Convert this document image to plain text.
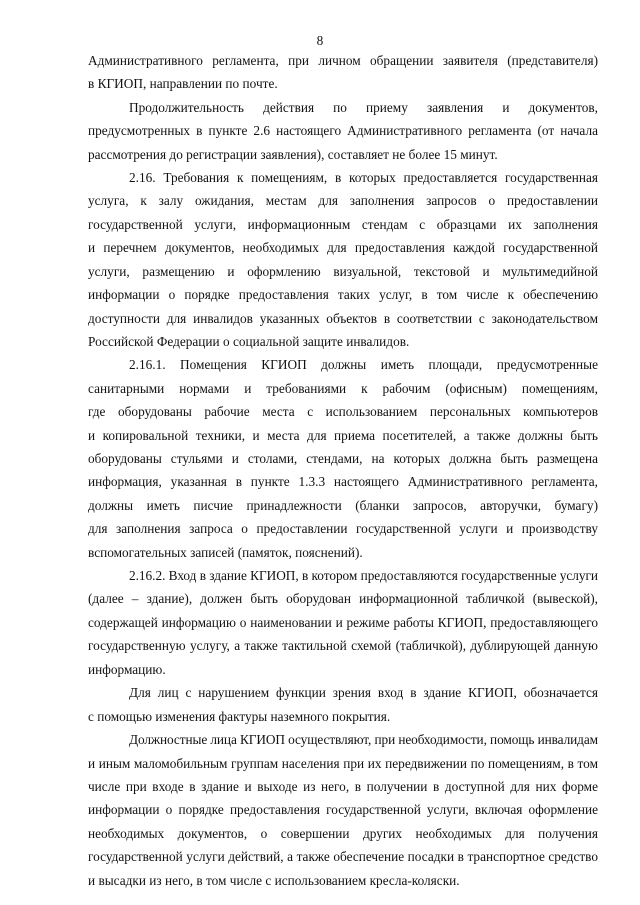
8
Административного регламента, при личном обращении заявителя (представителя)
в КГИОП, направлении по почте.
Продолжительность действия по приему заявления и документов,
предусмотренных в пункте 2.6 настоящего Административного регламента (от начала
рассмотрения до регистрации заявления), составляет не более 15 минут.
2.16. Требования к помещениям, в которых предоставляется государственная
услуга, к залу ожидания, местам для заполнения запросов о предоставлении
государственной услуги, информационным стендам с образцами их заполнения
и перечнем документов, необходимых для предоставления каждой государственной
услуги, размещению и оформлению визуальной, текстовой и мультимедийной
информации о порядке предоставления таких услуг, в том числе к обеспечению
доступности для инвалидов указанных объектов в соответствии с законодательством
Российской Федерации о социальной защите инвалидов.
2.16.1. Помещения КГИОП должны иметь площади, предусмотренные
санитарными нормами и требованиями к рабочим (офисным) помещениям,
где оборудованы рабочие места с использованием персональных компьютеров
и копировальной техники, и места для приема посетителей, а также должны быть
оборудованы стульями и столами, стендами, на которых должна быть размещена
информация, указанная в пункте 1.3.3 настоящего Административного регламента,
должны иметь писчие принадлежности (бланки запросов, авторучки, бумагу)
для заполнения запроса о предоставлении государственной услуги и производству
вспомогательных записей (памяток, пояснений).
2.16.2. Вход в здание КГИОП, в котором предоставляются государственные услуги
(далее – здание), должен быть оборудован информационной табличкой (вывеской),
содержащей информацию о наименовании и режиме работы КГИОП, предоставляющего
государственную услугу, а также тактильной схемой (табличкой), дублирующей данную
информацию.
Для лиц с нарушением функции зрения вход в здание КГИОП, обозначается
с помощью изменения фактуры наземного покрытия.
Должностные лица КГИОП осуществляют, при необходимости, помощь инвалидам
и иным маломобильным группам населения при их передвижении по помещениям, в том
числе при входе в здание и выходе из него, в получении в доступной для них форме
информации о порядке предоставления государственной услуги, включая оформление
необходимых документов, о совершении других необходимых для получения
государственной услуги действий, а также обеспечение посадки в транспортное средство
и высадки из него, в том числе с использованием кресла-коляски.
